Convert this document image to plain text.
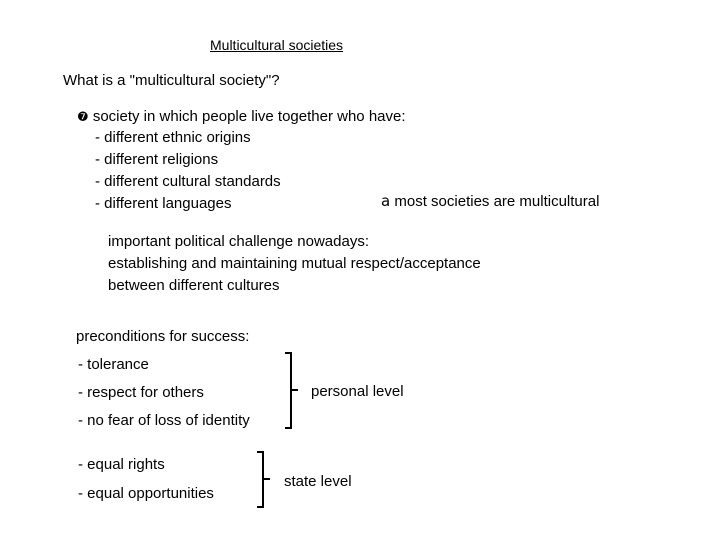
Multicultural societies
What is a "multicultural society"?
❼ society in which people live together who have:
- different ethnic origins
- different religions
- different cultural standards
- different languages	a most societies are multicultural
important political challenge nowadays:
establishing and maintaining mutual respect/acceptance
between different cultures
preconditions for success:
- tolerance
- respect for others
- no fear of loss of identity
personal level
- equal rights
- equal opportunities
state level
